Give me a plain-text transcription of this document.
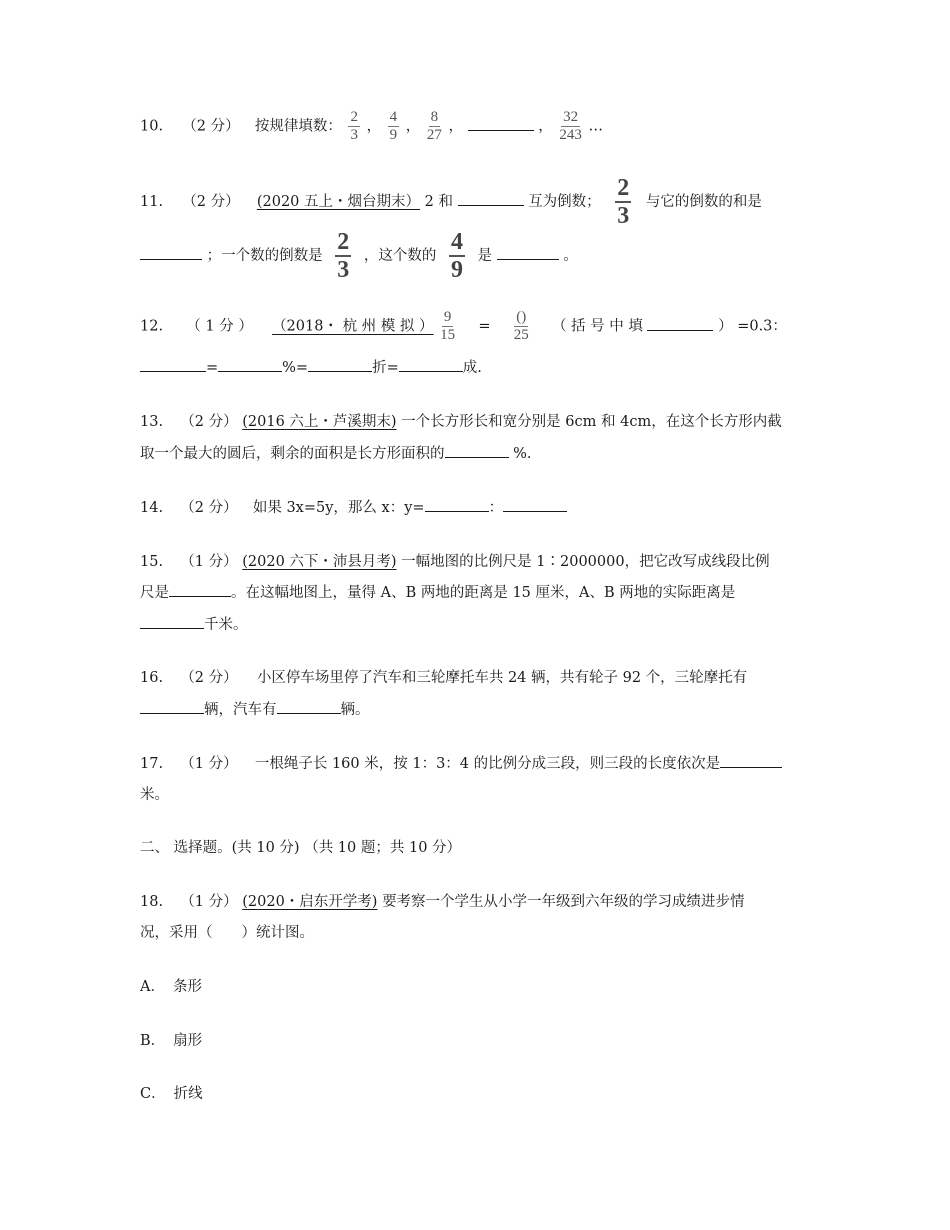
10. （2 分） 按规律填数： $\frac{2}{3}$ ， $\frac{4}{9}$ ， $\frac{8}{27}$ ，	， $\frac{32}{243}$ …
11. （2 分） (2020 五上・烟台期末） 2 和	互为倒数； $\frac{2}{3}$ 与它的倒数的和是
；一个数的倒数是 $\frac{2}{3}$ ，这个数的 $\frac{4}{9}$ 是	。
12. （ 1 分 ） （2018・ 杭 州 模 拟 ） $\frac{9}{15} = \frac{()}{25}$ （ 括 号 中 填	） =0.3：
=	%=	折=	成.
13. （2 分） (2016 六上・芦溪期末) 一个长方形长和宽分别是 6cm 和 4cm，在这个长方形内截
取一个最大的圆后，剩余的面积是长方形面积的	%.
14. （2 分） 如果 3x=5y，那么 x：y=	：
15. （1 分） (2020 六下・沛县月考) 一幅地图的比例尺是 1∶2000000，把它改写成线段比例
尺是	。在这幅地图上，量得 A、B 两地的距离是 15 厘米，A、B 两地的实际距离是
千米。
16. （2 分） 小区停车场里停了汽车和三轮摩托车共 24 辆，共有轮子 92 个，三轮摩托有
辆，汽车有	辆。
17. （1 分） 一根绳子长 160 米，按 1：3：4 的比例分成三段，则三段的长度依次是
米。
二、 选择题。(共 10 分) （共 10 题；共 10 分）
18. （1 分） (2020・启东开学考) 要考察一个学生从小学一年级到六年级的学习成绩进步情
况，采用（　　）统计图。
A． 条形
B． 扇形
C． 折线
